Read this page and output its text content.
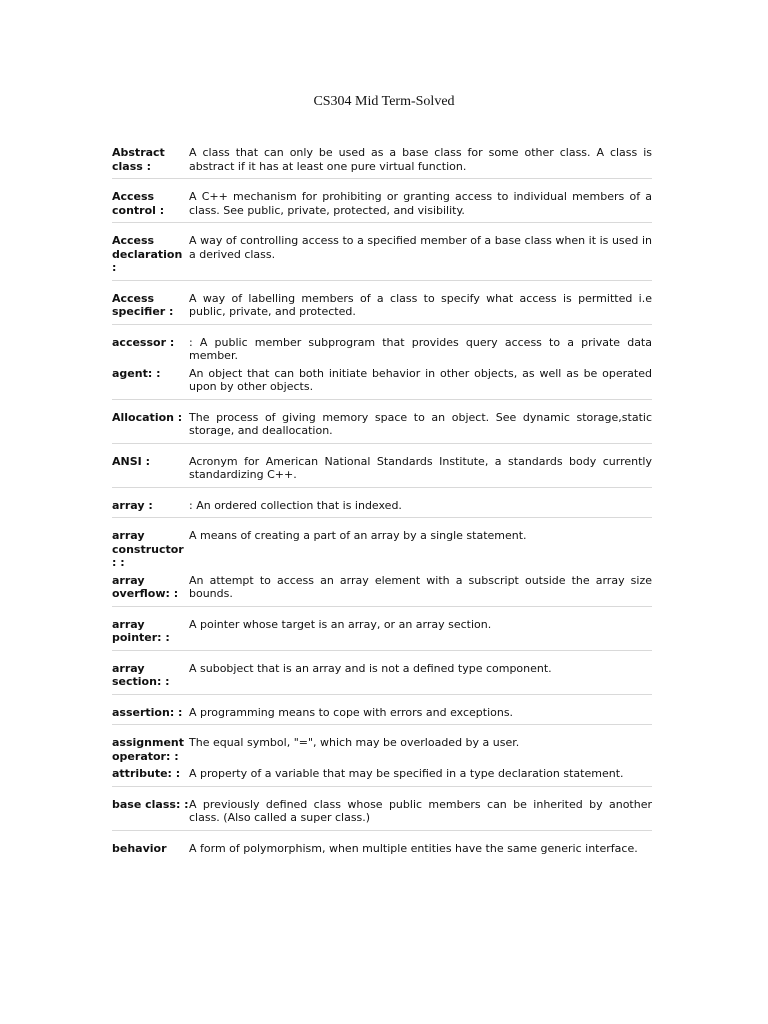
CS304 Mid Term-Solved
Abstract class :
A class that can only be used as a base class for some other class. A class is abstract if it has at least one pure virtual function.
Access control :
A C++ mechanism for prohibiting or granting access to individual members of a class. See public, private, protected, and visibility.
Access declaration :
A way of controlling access to a specified member of a base class when it is used in a derived class.
Access specifier :
A way of labelling members of a class to specify what access is permitted i.e public, private, and protected.
accessor :	: A public member subprogram that provides query access to a private data member.
agent: :	An object that can both initiate behavior in other objects, as well as be operated upon by other objects.
Allocation : The process of giving memory space to an object. See dynamic storage,static storage, and deallocation.
ANSI :	Acronym for American National Standards Institute, a standards body currently standardizing C++.
array :	: An ordered collection that is indexed.
array constructor : :
A means of creating a part of an array by a single statement.
array overflow: :
An attempt to access an array element with a subscript outside the array size bounds.
array pointer: :
A pointer whose target is an array, or an array section.
array section: :
A subobject that is an array and is not a defined type component.
assertion: : A programming means to cope with errors and exceptions.
assignment operator: :
The equal symbol, "=", which may be overloaded by a user.
attribute: : A property of a variable that may be specified in a type declaration statement.
base class: : A previously defined class whose public members can be inherited by another class. (Also called a super class.)
behavior	A form of polymorphism, when multiple entities have the same generic interface.
